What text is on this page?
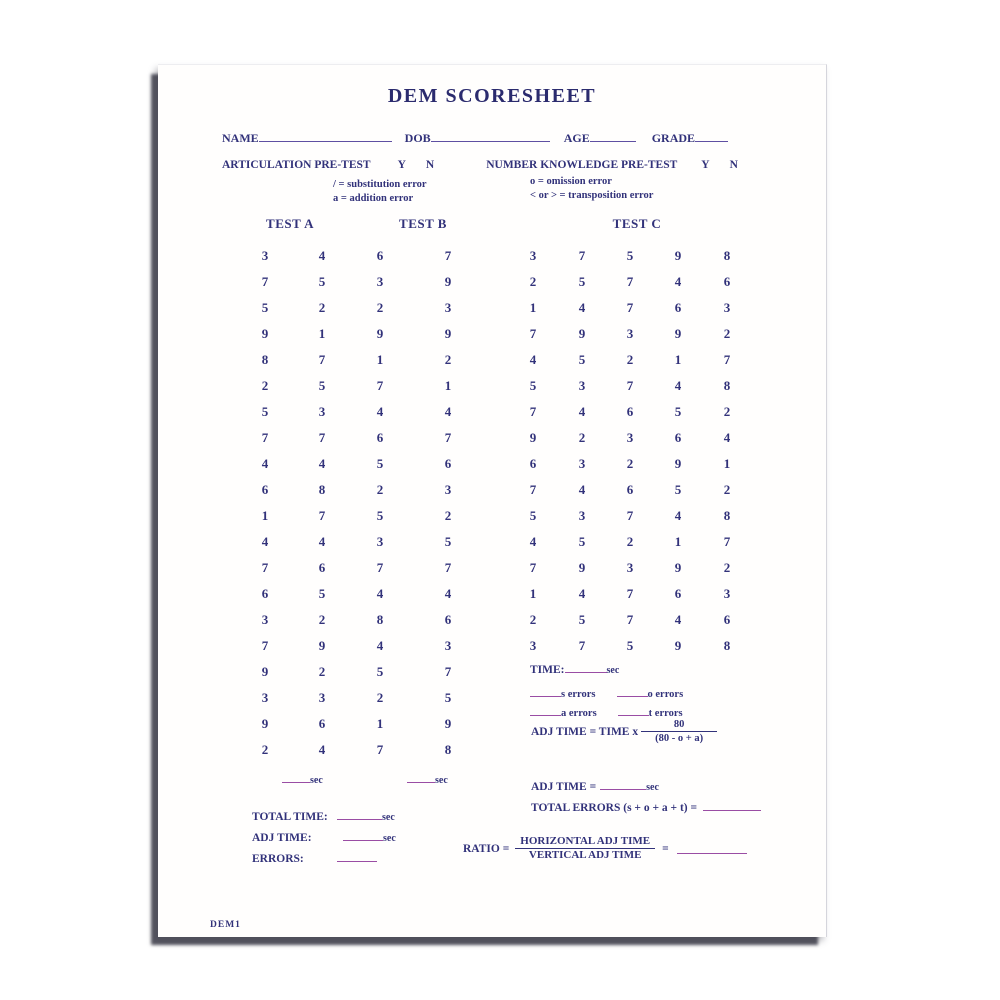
DEM SCORESHEET
NAME	DOB	AGE	GRADE
ARTICULATION PRE-TEST Y N	NUMBER KNOWLEDGE PRE-TEST Y N
/ = substitution error
a = addition error
o = omission error
< or > = transposition error
TEST A	TEST B	TEST C
3	4	6	7
7	5	3	9
5	2	2	3
9	1	9	9
8	7	1	2
2	5	7	1
5	3	4	4
7	7	6	7
4	4	5	6
6	8	2	3
1	7	5	2
4	4	3	5
7	6	7	7
6	5	4	4
3	2	8	6
7	9	4	3
9	2	5	7
3	3	2	5
9	6	1	9
2	4	7	8
3	7	5	9	8
2	5	7	4	6
1	4	7	6	3
7	9	3	9	2
4	5	2	1	7
5	3	7	4	8
7	4	6	5	2
9	2	3	6	4
6	3	2	9	1
7	4	6	5	2
5	3	7	4	8
4	5	2	1	7
7	9	3	9	2
1	4	7	6	3
2	5	7	4	6
3	7	5	9	8
sec	sec
TIME:	sec
s errors	o errors
a errors	t errors
ADJ TIME = TIME x $\frac{80}{(80 - o + a)}$
ADJ TIME =	sec
TOTAL ERRORS (s + o + a + t) =
TOTAL TIME:	sec
ADJ TIME:	sec
ERRORS:
RATIO =
HORIZONTAL ADJ TIME
VERTICAL ADJ TIME
=
DEM1
